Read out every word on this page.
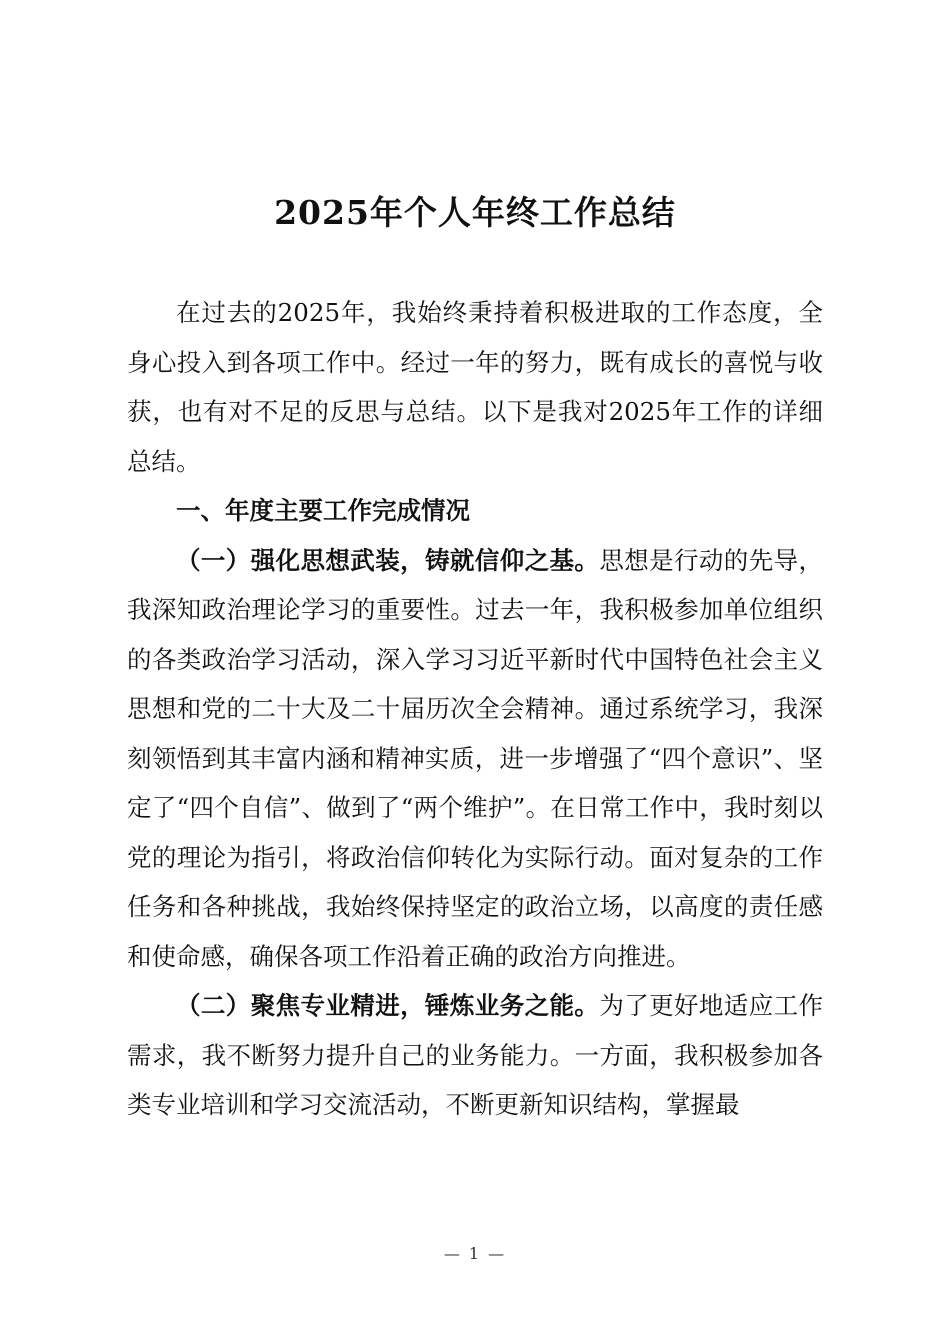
2025年个人年终工作总结

在过去的2025年，我始终秉持着积极进取的工作态度，全身心投入到各项工作中。经过一年的努力，既有成长的喜悦与收获，也有对不足的反思与总结。以下是我对2025年工作的详细总结。

一、年度主要工作完成情况

（一）强化思想武装，铸就信仰之基。思想是行动的先导，我深知政治理论学习的重要性。过去一年，我积极参加单位组织的各类政治学习活动，深入学习习近平新时代中国特色社会主义思想和党的二十大及二十届历次全会精神。通过系统学习，我深刻领悟到其丰富内涵和精神实质，进一步增强了“四个意识”、坚定了“四个自信”、做到了“两个维护”。在日常工作中，我时刻以党的理论为指引，将政治信仰转化为实际行动。面对复杂的工作任务和各种挑战，我始终保持坚定的政治立场，以高度的责任感和使命感，确保各项工作沿着正确的政治方向推进。

（二）聚焦专业精进，锤炼业务之能。为了更好地适应工作需求，我不断努力提升自己的业务能力。一方面，我积极参加各类专业培训和学习交流活动，不断更新知识结构，掌握最

— 1 —
